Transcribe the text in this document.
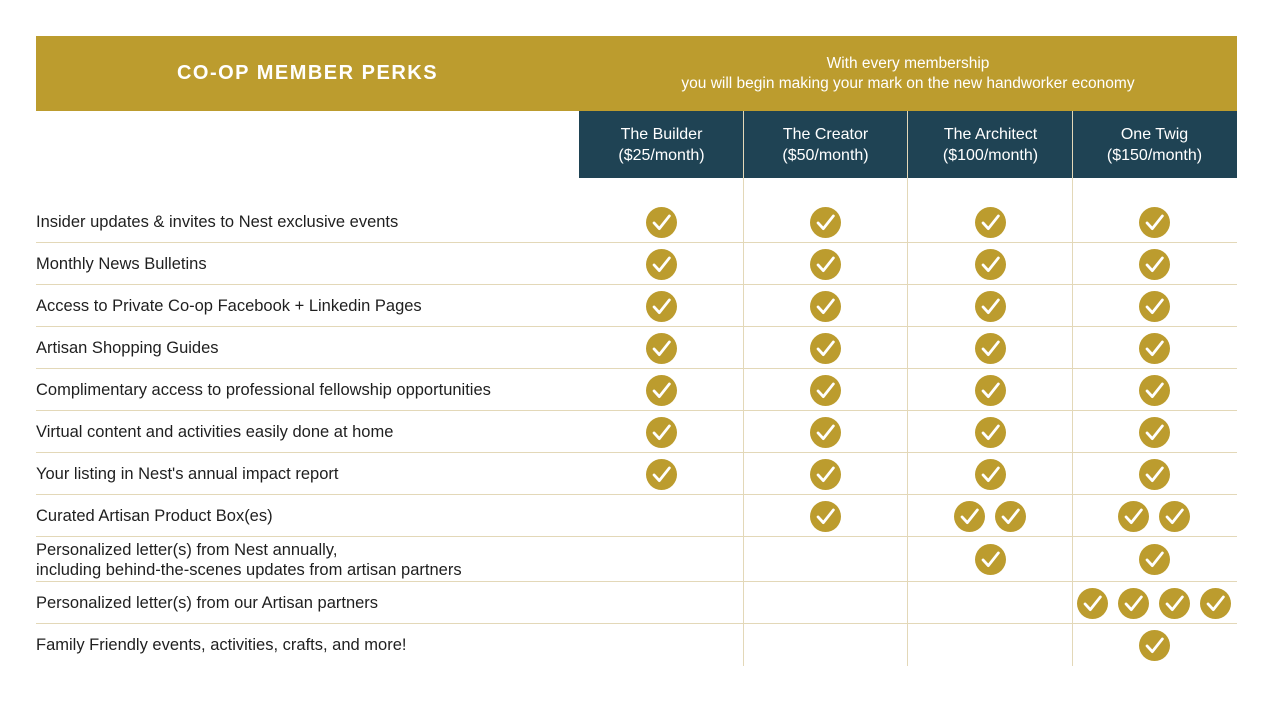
CO-OP MEMBER PERKS	With every membership
you will begin making your mark on the new handworker economy
The Builder
($25/month)
The Creator
($50/month)
The Architect
($100/month)
One Twig
($150/month)
Insider updates & invites to Nest exclusive events
Monthly News Bulletins
Access to Private Co-op Facebook + Linkedin Pages
Artisan Shopping Guides
Complimentary access to professional fellowship opportunities
Virtual content and activities easily done at home
Your listing in Nest's annual impact report
Curated Artisan Product Box(es)
Personalized letter(s) from Nest annually,
including behind-the-scenes updates from artisan partners
Personalized letter(s) from our Artisan partners
Family Friendly events, activities, crafts, and more!
